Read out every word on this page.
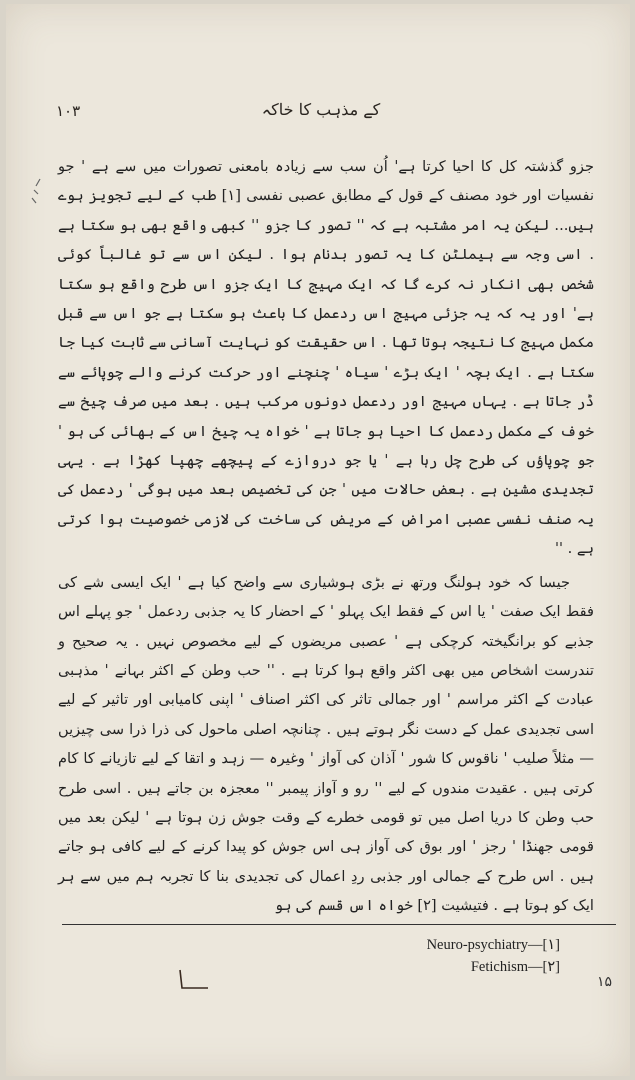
١٠٣	کے مذہب کا خاکہ

جزو گذشتہ کل کا احیا کرتا ہے' اُن سب سے زیادہ بامعنی تصورات میں سے ہے ' جو نفسیات اور خود مصنف کے قول کے مطابق عصبی نفسی [۱] طب کے لیے تجویز ہوے ہیں... لیکن یہ امر مشتبہ ہے کہ '' تصور کا جزو '' کبھی واقع بھی ہو سکتا ہے . اسی وجہ سے ہیملٹن کا یہ تصور بدنام ہوا . لیکن اس سے تو غالباً کوئی شخص بھی انکار نہ کرے گا کہ ایک مہیج کا ایک جزو اس طرح واقع ہو سکتا ہے' اور یہ کہ یہ جزئی مہیج اس ردعمل کا باعث ہو سکتا ہے جو اس سے قبل مکمل مہیج کا نتیجہ ہوتا تھا . اس حقیقت کو نہایت آسانی سے ثابت کیا جا سکتا ہے . ایک بچہ ' ایک بڑے ' سیاہ ' چنچنے اور حرکت کرنے والے چوپائے سے ڈر جاتا ہے . یہاں مہیج اور ردعمل دونوں مرکب ہیں . بعد میں صرف چیخ سے خوف کے مکمل ردعمل کا احیا ہو جاتا ہے ' خواہ یہ چیخ اس کے بھائی کی ہو ' جو چوپاؤں کی طرح چل رہا ہے ' یا جو دروازے کے پیچھے چھپا کھڑا ہے . یہی تجدیدی مشین ہے . بعض حالات میں ' جن کی تخصیص بعد میں ہوگی ' ردعمل کی یہ صنف نفسی عصبی امراض کے مریض کی ساخت کی لازمی خصوصیت ہوا کرتی ہے . ''

جیسا کہ خود ہولنگ ورتھ نے بڑی ہوشیاری سے واضح کیا ہے ' ایک ایسی شے کی فقط ایک صفت ' یا اس کے فقط ایک پہلو ' کے احضار کا یہ جذبی ردعمل ' جو پہلے اس جذبے کو برانگیختہ کرچکی ہے ' عصبی مریضوں کے لیے مخصوص نہیں . یہ صحیح و تندرست اشخاص میں بھی اکثر واقع ہوا کرتا ہے . '' حب وطن کے اکثر بہانے ' مذہبی عبادت کے اکثر مراسم ' اور جمالی تاثر کی اکثر اصناف ' اپنی کامیابی اور تاثیر کے لیے اسی تجدیدی عمل کے دست نگر ہوتے ہیں . چنانچہ اصلی ماحول کی ذرا ذرا سی چیزیں — مثلاً صلیب ' ناقوس کا شور ' آذان کی آواز ' وغیرہ — زہد و اتقا کے لیے تازیانے کا کام کرتی ہیں . عقیدت مندوں کے لیے '' رو و آواز پیمبر '' معجزہ بن جاتے ہیں . اسی طرح حب وطن کا دریا اصل میں تو قومی خطرے کے وقت جوش زن ہوتا ہے ' لیکن بعد میں قومی جھنڈا ' رجز ' اور بوق کی آواز ہی اس جوش کو پیدا کرنے کے لیے کافی ہو جاتے ہیں . اس طرح کے جمالی اور جذبی ردِ اعمال کی تجدیدی بنا کا تجربہ ہم میں سے ہر ایک کو ہوتا ہے . فتیشیت [۲] خواہ اس قسم کی ہو

Neuro-psychiatry—[۱]
Fetichism—[۲]
۱۵
